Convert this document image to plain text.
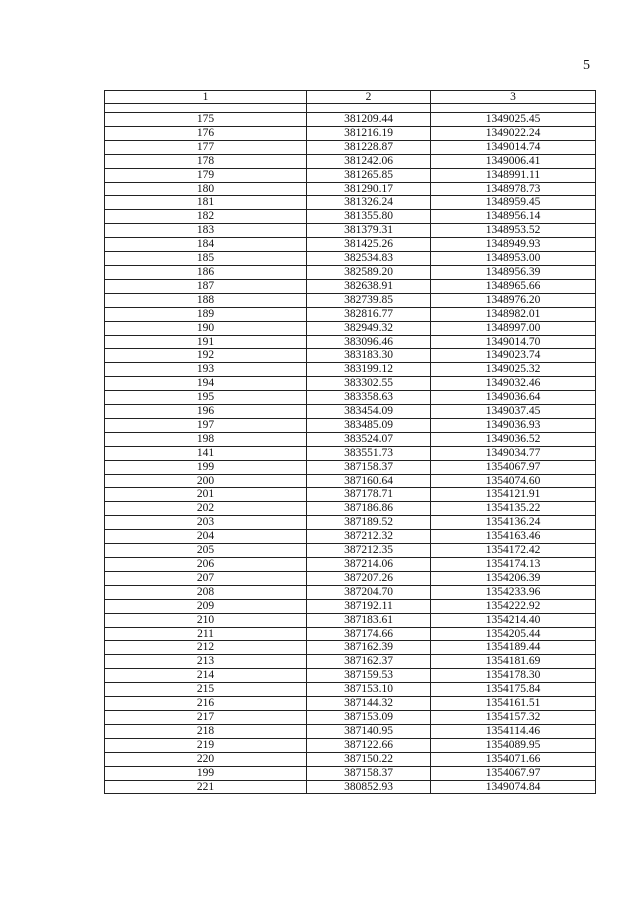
5
1	2	3

175	381209.44	1349025.45
176	381216.19	1349022.24
177	381228.87	1349014.74
178	381242.06	1349006.41
179	381265.85	1348991.11
180	381290.17	1348978.73
181	381326.24	1348959.45
182	381355.80	1348956.14
183	381379.31	1348953.52
184	381425.26	1348949.93
185	382534.83	1348953.00
186	382589.20	1348956.39
187	382638.91	1348965.66
188	382739.85	1348976.20
189	382816.77	1348982.01
190	382949.32	1348997.00
191	383096.46	1349014.70
192	383183.30	1349023.74
193	383199.12	1349025.32
194	383302.55	1349032.46
195	383358.63	1349036.64
196	383454.09	1349037.45
197	383485.09	1349036.93
198	383524.07	1349036.52
141	383551.73	1349034.77
199	387158.37	1354067.97
200	387160.64	1354074.60
201	387178.71	1354121.91
202	387186.86	1354135.22
203	387189.52	1354136.24
204	387212.32	1354163.46
205	387212.35	1354172.42
206	387214.06	1354174.13
207	387207.26	1354206.39
208	387204.70	1354233.96
209	387192.11	1354222.92
210	387183.61	1354214.40
211	387174.66	1354205.44
212	387162.39	1354189.44
213	387162.37	1354181.69
214	387159.53	1354178.30
215	387153.10	1354175.84
216	387144.32	1354161.51
217	387153.09	1354157.32
218	387140.95	1354114.46
219	387122.66	1354089.95
220	387150.22	1354071.66
199	387158.37	1354067.97
221	380852.93	1349074.84
